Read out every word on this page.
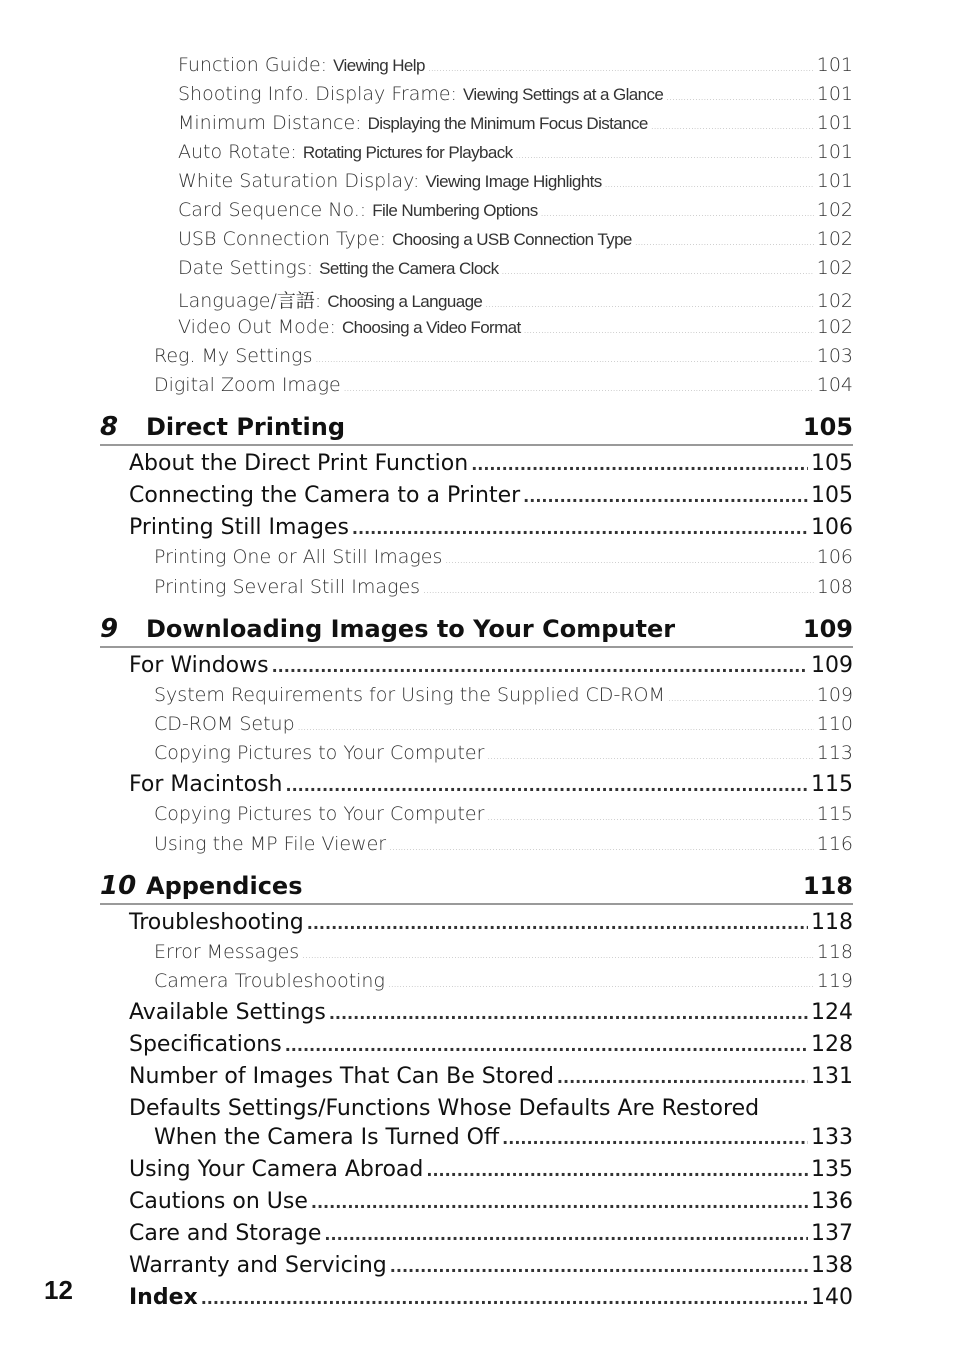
Function Guide: Viewing Help .....	101
Shooting Info. Display Frame: Viewing Settings at a Glance .....	101
Minimum Distance: Displaying the Minimum Focus Distance .....	101
Auto Rotate: Rotating Pictures for Playback .....	101
White Saturation Display: Viewing Image Highlights .....	101
Card Sequence No.: File Numbering Options .....	102
USB Connection Type: Choosing a USB Connection Type .....	102
Date Settings: Setting the Camera Clock .....	102
Language/言語: Choosing a Language .....	102
Video Out Mode: Choosing a Video Format .....	102
Reg. My Settings .....	103
Digital Zoom Image .....	104
8	Direct Printing	105
About the Direct Print Function .....	105
Connecting the Camera to a Printer .....	105
Printing Still Images .....	106
Printing One or All Still Images .....	106
Printing Several Still Images .....	108
9	Downloading Images to Your Computer	109
For Windows .....	109
System Requirements for Using the Supplied CD-ROM .....	109
CD-ROM Setup .....	110
Copying Pictures to Your Computer .....	113
For Macintosh .....	115
Copying Pictures to Your Computer .....	115
Using the MP File Viewer .....	116
10 Appendices	118
Troubleshooting .....	118
Error Messages .....	118
Camera Troubleshooting .....	119
Available Settings .....	124
Specifications .....	128
Number of Images That Can Be Stored .....	131
Defaults Settings/Functions Whose Defaults Are Restored
When the Camera Is Turned Off .....	133
Using Your Camera Abroad .....	135
Cautions on Use .....	136
Care and Storage .....	137
Warranty and Servicing .....	138
Index .....	140
12
